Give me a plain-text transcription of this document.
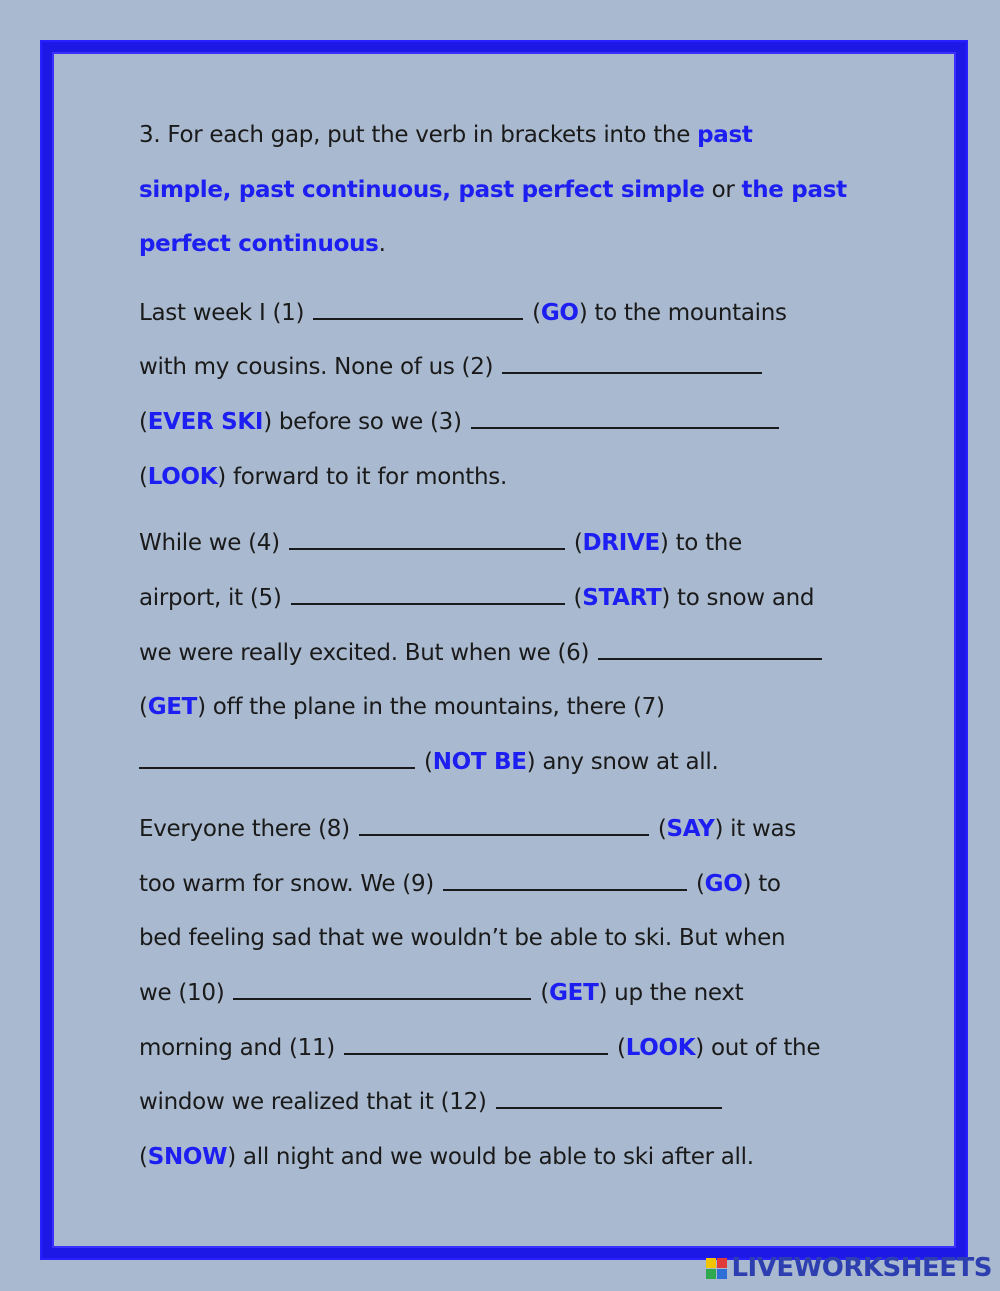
3. For each gap, put the verb in brackets into the past
simple, past continuous, past perfect simple or the past
perfect continuous.
Last week I (1)	(GO) to the mountains
with my cousins. None of us (2)
(EVER SKI) before so we (3)
(LOOK) forward to it for months.
While we (4)	(DRIVE) to the
airport, it (5)	(START) to snow and
we were really excited. But when we (6)
(GET) off the plane in the mountains, there (7)
(NOT BE) any snow at all.
Everyone there (8)	(SAY) it was
too warm for snow. We (9)	(GO) to
bed feeling sad that we wouldn’t be able to ski. But when
we (10)	(GET) up the next
morning and (11)	(LOOK) out of the
window we realized that it (12)
(SNOW) all night and we would be able to ski after all.
LIVEWORKSHEETS
